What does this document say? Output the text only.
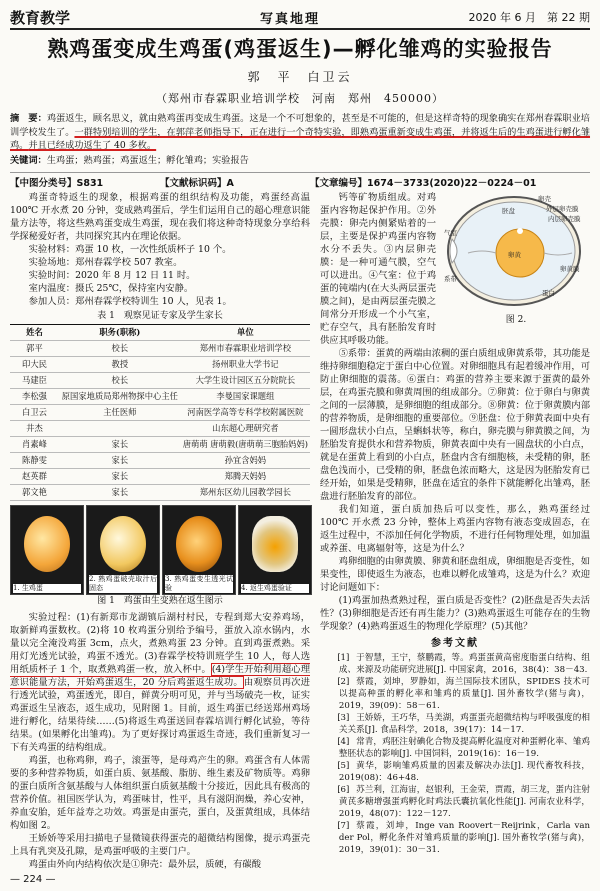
教育教学	写真地理	2020 年 6 月　第 22 期
熟鸡蛋变成生鸡蛋(鸡蛋返生)—孵化雏鸡的实验报告
郭　平　白卫云
（郑州市春霖职业培训学校　河南　郑州　450000）
摘　要：鸡蛋返生，顾名思义，就由熟鸡蛋再变成生鸡蛋。这是一个不可想象的，甚至是不可能的，但是这样奇特的现象确实在郑州春霖职业培训学校发生了。一群特别培训的学生，在郭萍老师指导下，正在进行一个奇特实验，即熟鸡蛋重新变成生鸡蛋，并将返生后的生鸡蛋进行孵化雏鸡。并且已经成功返生了 40 多枚。
关键词：生鸡蛋；熟鸡蛋；鸡蛋返生；孵化雏鸡；实验报告
【中图分类号】S831	【文献标识码】A	【文章编号】1674－3733(2020)22－0224－01

鸡蛋奇特返生的现象，根据鸡蛋的组织结构及功能，鸡蛋经高温 100℃ 开水煮 20 分钟，变成熟鸡蛋后，学生们运用自己的超心理意识能量方法等，将这些熟鸡蛋变成生鸡蛋，现在我们将这种奇特现象分享给科学探秘爱好者，共同探究其内在理论依据。

实验材料：鸡蛋 10 枚，一次性纸质杯子 10 个。

实验场地：郑州春霖学校 507 教室。

实验时间：2020 年 8 月 12 日 11 时。

室内温度：摄氏 25℃，保持室内安静。

参加人员：郑州春霖学校特训生 10 人，见表 1。

表 1　观察见证专家及学生家长
姓名	职务(职称)	单位
郭平	校长	郑州市春霖职业培训学校
印大民	教授	扬州职业大学书记
马建臣	校长	大学生设计园区五分院院长
李松强	原国家地质局郑州物探中心主任	李曼国家课题组
白卫云	主任医师	河南医学高等专科学校附属医院
井杰		山东超心理研究者
肖素峰	家长	唐萌萌 唐萌毅(唐萌萌三胞胎妈妈)
陈静雯	家长	孙宜含妈妈
赵英群	家长	郑腾天妈妈
郭文艳	家长	郑州东区幼儿园教学园长
1. 生鸡蛋
2. 熟鸡蛋破壳取汁后固态
3. 熟鸡蛋变生透光试验	4. 返生鸡蛋验证
图 1　鸡蛋由生变熟在返生图示

实验过程：(1)有新郑市龙湖镇后湖村村民，专程到郑大安养鸡场，取新鲜鸡蛋数枚。(2)将 10 枚鸡蛋分别给予编号，蛋放入凉水锅内，水量以完全淹没鸡蛋 3cm，点火，煮熟鸡蛋 23 分钟。直到鸡蛋煮熟。采用灯光透光试验，鸡蛋不透光。(3)春霖学校特训班学生 10 人，每人选用纸质杯子 1 个，取煮熟鸡蛋一枚，放入杯中。(4)学生开始利用超心理意识能量方法，开始鸡蛋返生，20 分后鸡蛋返生成功。由观察员再次进行透光试验，鸡蛋透光，即自，鲜黄分明可见，并与当场破壳一枚，证实鸡蛋返生呈液态，返生成功，见附图 1。目前，返生鸡蛋已经送郑州鸡场进行孵化，结果待续……(5)将返生鸡蛋送回春霖培训行孵化试验，等待结果。(如果孵化出雏鸡)。为了更好探讨鸡蛋返生奇迹，我们重新复习一下有关鸡蛋的结构组成。

鸡蛋，也称鸡卵，鸡子，滚蛋等，是母鸡产生的卵。鸡蛋含有人体需要的多种营养物质，如蛋白质、氨基酸、脂肪、维生素及矿物质等。鸡卵的蛋白质所含氨基酸与人体组织蛋白质氨基酸十分接近，因此具有极高的营养价值。祖国医学认为，鸡蛋味甘，性平，具有滋阴润燥，养心安神，养血安胎，延年益寿之功效。鸡蛋是由蛋壳，蛋白，及蛋黄组成，具体结构如图 2。

王娇娇等采用扫描电子显微镜获得蛋壳的超微结构图像，提示鸡蛋壳上具有乳突及孔隙，是鸡蛋呼吸的主要门户。

鸡蛋由外向内结构依次是①卵壳：最外层，质硬，有碳酸

卵壳
外层卵壳膜
内层卵壳膜
气室
蛋白
系带
卵黄膜
胚盘
卵黄
图 2.

钙等矿物质组成。对鸡蛋内容物起保护作用。②外壳膜：卵壳内侧紧贴着的一层，主要是保护鸡蛋内容物水分不丢失。③内层卵壳膜：是一种可通气膜，空气可以进出。④气室：位于鸡蛋的钝端内(在大头两层蛋壳膜之间)，是由两层蛋壳膜之间常分开形成一个小气室，贮存空气，具有胚胎发育时供应其呼吸功能。

⑤系带：蛋黄的两端由浓稠的蛋白质组成卵黄系带，其功能是维持卵细胞稳定于蛋白中心位置。对卵细胞具有起着缓冲作用，可防止卵细胞的震荡。⑥蛋白：鸡蛋的营养主要来源于蛋黄的最外层，在鸡蛋壳膜和卵黄周围的组成部分。⑦卵黄：位于卵白与卵黄之间的一层薄膜，是卵细胞的组成部分。⑧卵黄：位于卵黄膜内部的营养物质，是卵细胞的重要部位。⑨胚盘：位于卵黄表面中央有一圆形盘状小白点，呈蝌蚪状等，称白，卵壳膜与卵黄膜之间，为胚胎发育提供水和营养物质，卵黄表面中央有一圆盘状的小白点，就是在蛋黄上看到的小白点，胚盘内含有细胞核，未受精的卵，胚盘色浅而小，已受精的卵，胚盘色浓而略大，这是因为胚胎发育已经开始，如果是受精卵，胚盘在适宜的条件下就能孵化出雏鸡，胚盘进行胚胎发育的部位。

我们知道，蛋白质加热后可以变性，那么，熟鸡蛋经过 100℃ 开水煮 23 分钟，整体上鸡蛋内容物有液态变成固态，在返生过程中，不添加任何化学物质，不进行任何物理处理，如加温或养蛋、电离辐射等，这是为什么？

鸡卵细胞的由卵黄膜、卵黄和胚盘组成，卵细胞是否变性，如果变性，即使返生为液态，也难以孵化成雏鸡，这是为什么？欢迎讨论问题如下：

(1)鸡蛋加热煮熟过程，蛋白质是否变性？(2)胚盘是否失去活性？(3)卵细胞是否还有再生能力？(3)熟鸡蛋返生可能存在的生物学现象？(4)熟鸡蛋返生的物理化学原理？(5)其他？

参考文献

[1] 于智慧，王宁，蔡鹏霞，等。鸡蛋蛋黄高密度脂蛋白结构、组成、来源及功能研究进展[J]. 中国家禽，2016，38(4)：38－43.

[2] 蔡霞，刘坤，罗静如，海兰国际技术团队，SPIDES 技术可以提高种蛋的孵化率和雏鸡的质量[J]. 国外畜牧学(猪与禽)，2019，39(09)：58－61.

[3] 王娇娇，王巧华，马美湖，鸡蛋蛋壳超微结构与呼吸强度的相关关系[J]. 食品科学，2018，39(17)：14－17.

[4] 常青，鸡胚注射碘化合物及提高孵化温度对种蛋孵化率、雏鸡整胚状态的影响[J]. 中国饲料，2019(16)：16－19.

[5] 黄华，影响雏鸡质量的因素及解决办法[J]. 现代畜牧科技，2019(08)：46+48.

[6] 苏兰利，江海宙，赵银利，王金荣，贾霞，胡三龙，蛋内注射黄芪多糖增强蛋鸡孵化时鸡法氏囊抗氧化性能[J]. 河南农业科学，2019，48(07)：122－127.

[7] 蔡霞，刘坤，Inge van Roovert－Reijrink，Carla van der Pol，孵化条件对雏鸡质量的影响[J]. 国外畜牧学(猪与禽)，2019，39(01)：30－31.

— 224 —
